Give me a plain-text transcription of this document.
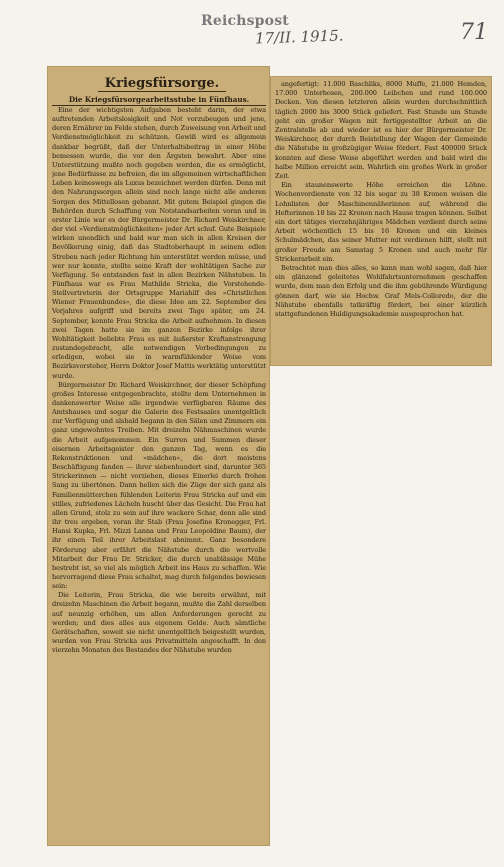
Reichspost
17/II. 1915.	71
Kriegsfürsorge.
Die Kriegsfürsorgearbeitsstube in Fünfhaus.

Eine der wichtigsten Aufgaben besteht darin, der etwa auftretenden Arbeitslosigkeit und Not vorzubeugen und jene, deren Ernährer im Felde stehen, durch Zuweisung von Arbeit und Verdienstmöglichkeit zu schützen. Gewiß wird es allgemein dankbar begrüßt, daß der Unterhaltsbeitrag in einer Höhe bemessen wurde, die vor den Ärgsten bewahrt. Aber eine Unterstützung mußte noch gegeben werden, die es ermöglicht, jene Bedürfnisse zu befreien, die im allgemeinen wirtschaftlichen Leben keineswegs als Luxus bezeichnet werden dürfen. Denn mit den Nahrungssorgen allein sind noch lange nicht alle anderen Sorgen des Mittellosen gebannt. Mit gutem Beispiel gingen die Behörden durch Schaffung von Notstandsarbeiten voran und in erster Linie war es der Bürgermeister Dr. Richard Weiskirchner, der viel »Verdienstmöglichkeiten« jeder Art schuf. Gute Beispiele wirken unendlich und bald war man sich in allen Kreisen der Bevölkerung einig, daß das Stadtoberhaupt in seinem edlen Streben nach jeder Richtung hin unterstützt werden müsse, und wer nur konnte, stellte seine Kraft der wohltätigen Sache zur Verfügung. So entstanden fast in allen Bezirken Nähstuben. In Fünfhaus war es Frau Mathilde Stricka, die Vorstehende-Stellvertreterin der Ortsgruppe Mariahilf des »Christlichen Wiener Frauenbundes«, die diese Idee am 22. September des Vorjahres aufgriff und bereits zwei Tage später, am 24. September, konnte Frau Stricka die Arbeit aufnehmen. In diesen zwei Tagen hatte sie im ganzen Bezirke infolge ihrer Wohltätigkeit beliebte Frau es mit äußerster Kraftanstrengung zustandegebracht, alle notwendigen Vorbedingungen zu erledigen, wobei sie in warmfühlender Weise vom Bezirksvorsteher, Herrn Doktor Josef Mattis werktätig unterstützt wurde.

Bürgermeister Dr. Richard Weiskirchner, der dieser Schöpfung großes Interesse entgegenbrachte, stellte dem Unternehmen in dankenswerter Weise alle irgendwie verfügbaren Räume des Amtshauses und sogar die Galerie des Festsaales unentgeltlich zur Verfügung und alsbald begann in den Sälen und Zimmern ein ganz ungewohntes Treiben. Mit dreizehn Nähmaschinen wurde die Arbeit aufgenommen. Ein Surren und Summen dieser eisernen Arbeitsgeister den ganzen Tag, wenn es die Rekonstruktionen und »mädchen«, die dort meistens Beschäftigung fanden — ihrer siebenhundert sind, darunter 365 Strickerinnen — nicht vorziehen, dieses Einerlei durch frohen Sang zu übertönen. Dann hellen sich die Züge der sich ganz als Familienmütterchen fühlenden Leiterin Frau Stricka auf und ein stilles, zufriedenes Lächeln huscht über das Gesicht. Die Frau hat allen Grund, stolz zu sein auf ihre wackere Schar, denn alle sind ihr treu ergeben, voran ihr Stab (Frau Josefine Kronegger, Frl. Hansi Kupka, Frl. Mizzi Lanna und Frau Leopoldine Baum), der ihr einen Teil ihrer Arbeitslast abnimmt. Ganz besondere Förderung aber erfährt die Nähstube durch die wertvolle Mitarbeit der Frau Dr. Stricker, die durch unablässige Mühe bestrebt ist, so viel als möglich Arbeit ins Haus zu schaffen. Wie hervorragend diese Frau schaltet, mag durch folgendes bewiesen sein:

Die Leiterin, Frau Stricka, die wie bereits erwähnt, mit dreizehn Maschinen die Arbeit begann, mußte die Zahl derselben auf neunzig erhöhen, um allen Anforderungen gerecht zu werden; und dies alles aus eigenem Gelde. Auch sämtliche Gerätschaften, soweit sie nicht unentgeltlich beigestellt wurden, wurden von Frau Stricka aus Privatmitteln angeschafft. In den vierzehn Monaten des Bestandes der Nähstube wurden

angefertigt: 11.000 Baschliks, 8000 Muffe, 21.000 Hemden, 17.000 Unterhosen, 200.000 Leibchen und rund 100.000 Decken. Von diesen letzteren allein wurden durchschnittlich täglich 2000 bis 3000 Stück geliefert. Fast Stunde um Stunde geht ein großer Wagen mit fertiggestellter Arbeit an die Zentralstelle ab und wieder ist es hier der Bürgermeister Dr. Weiskirchner, der durch Beistellung der Wagen der Gemeinde die Nähstube in großzügiger Weise fördert. Fast 400000 Stück konnten auf diese Weise abgeführt werden und bald wird die halbe Million erreicht sein. Wahrlich ein großes Werk in großer Zeit.

Ein staunenswerte Höhe erreichen die Löhne. Wochenverdienste von 32 bis sogar zu 38 Kronen weisen die Lohnlisten der Maschinennäherinnen auf, während die Hefterinnen 18 bis 22 Kronen nach Hause tragen können. Selbst ein dort tätiges vierzehnjähriges Mädchen verdient durch seine Arbeit wöchentlich 15 bis 16 Kronen und ein kleines Schulmädchen, das seiner Mutter mit verdienen hilft, stellt mit großer Freude am Samstag 5 Kronen und auch mehr für Strickerarbeit ein.

Betrachtet man dies alles, so kann man wohl sagen, daß hier ein glänzend geleitetes Wohlfahrtsunternehmen geschaffen wurde, dem man den Erfolg und die ihm gebührende Würdigung gönnen darf, wie sie Hochw. Graf Mels-Colloredo, der die Nähstube ebenfalls tatkräftig fördert, bei einer kürzlich stattgefundenen Huldigungsakademie ausgesprochen hat.
